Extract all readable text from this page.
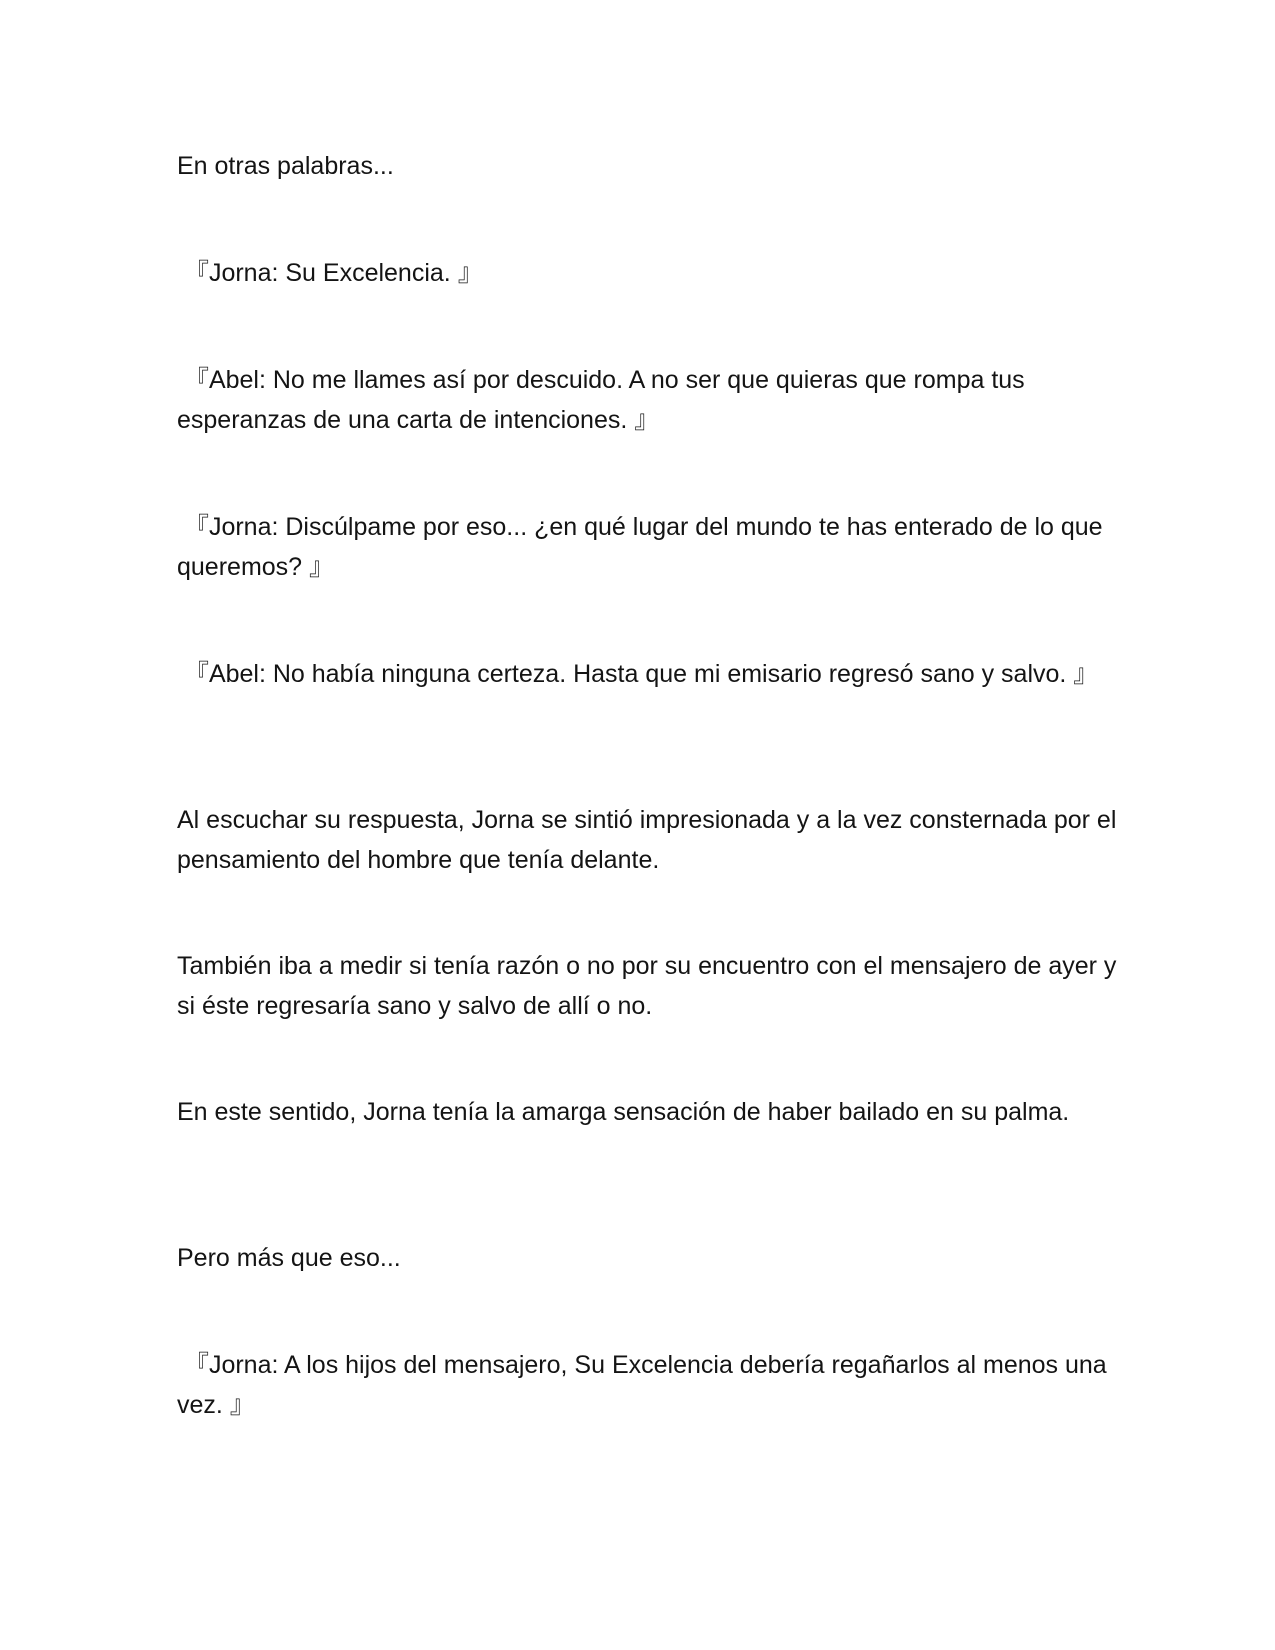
En otras palabras...

『Jorna: Su Excelencia. 』

『Abel: No me llames así por descuido. A no ser que quieras que rompa tus esperanzas de una carta de intenciones. 』

『Jorna: Discúlpame por eso... ¿en qué lugar del mundo te has enterado de lo que queremos? 』

『Abel: No había ninguna certeza. Hasta que mi emisario regresó sano y salvo. 』

Al escuchar su respuesta, Jorna se sintió impresionada y a la vez consternada por el pensamiento del hombre que tenía delante.

También iba a medir si tenía razón o no por su encuentro con el mensajero de ayer y si éste regresaría sano y salvo de allí o no.

En este sentido, Jorna tenía la amarga sensación de haber bailado en su palma.

Pero más que eso...

『Jorna: A los hijos del mensajero, Su Excelencia debería regañarlos al menos una vez. 』
